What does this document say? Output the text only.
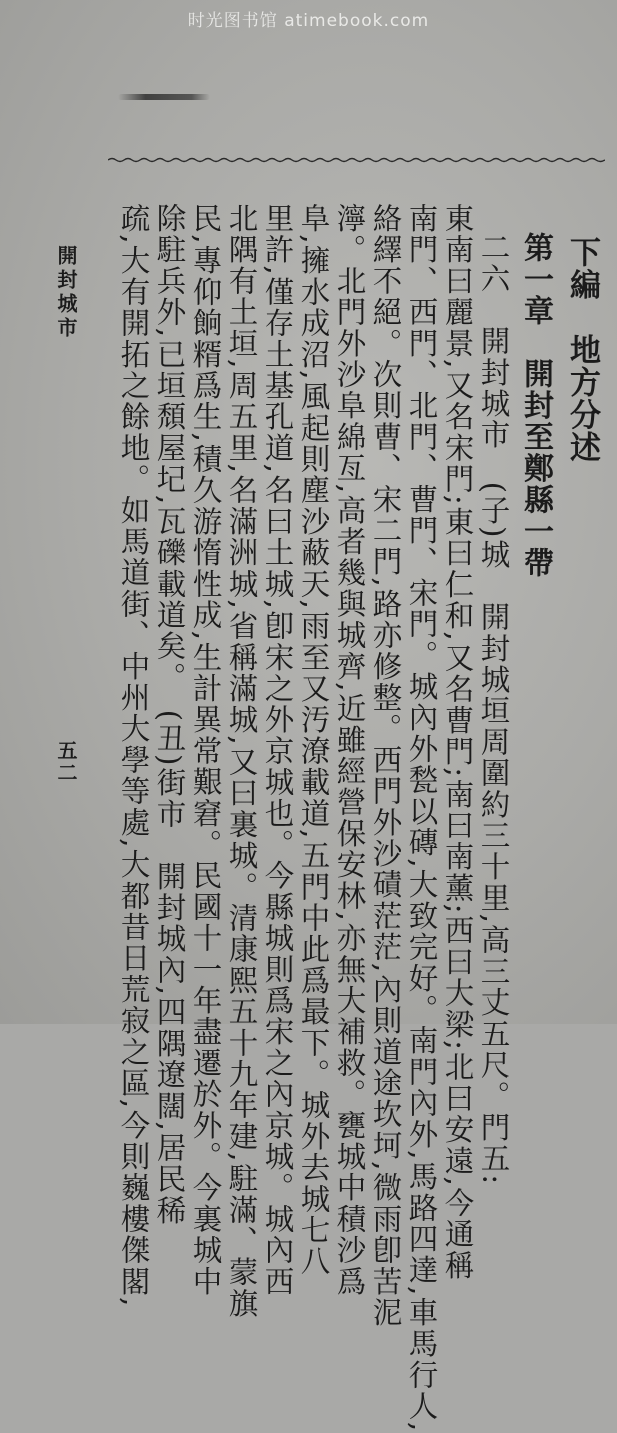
时光图书馆 atimebook.com
下編　地方分述
第一章　開封至鄭縣一帶
二六　開封城市　(子)城　開封城垣周圍約三十里,高三丈五尺。門五:
東南曰麗景,又名宋門;東曰仁和,又名曹門;南曰南薰;西曰大梁;北曰安遠,今通稱
南門、西門、北門、曹門、宋門。城內外甃以磚,大致完好。南門內外,馬路四達,車馬行人,
絡繹不絕。次則曹、宋二門,路亦修整。西門外沙磧茫茫,內則道途坎坷,微雨卽苦泥
濘。北門外沙阜綿亙,高者幾與城齊,近雖經營保安林,亦無大補救。甕城中積沙爲
阜,擁水成沼,風起則塵沙蔽天,雨至又汚潦載道,五門中此爲最下。城外去城七八
里許,僅存土基孔道,名曰土城,卽宋之外京城也。今縣城則爲宋之內京城。城內西
北隅有土垣,周五里,名滿洲城,省稱滿城,又曰裏城。清康熙五十九年建,駐滿、蒙旗
民,專仰餉糈爲生,積久游惰性成,生計異常艱窘。民國十一年盡遷於外。今裏城中
除駐兵外,已垣頹屋圮,瓦礫載道矣。　(丑)街市　開封城內,四隅遼闊,居民稀
疏,大有開拓之餘地。如馬道街、中州大學等處,大都昔日荒寂之區,今則巍樓傑閣,
開封城市
五二
